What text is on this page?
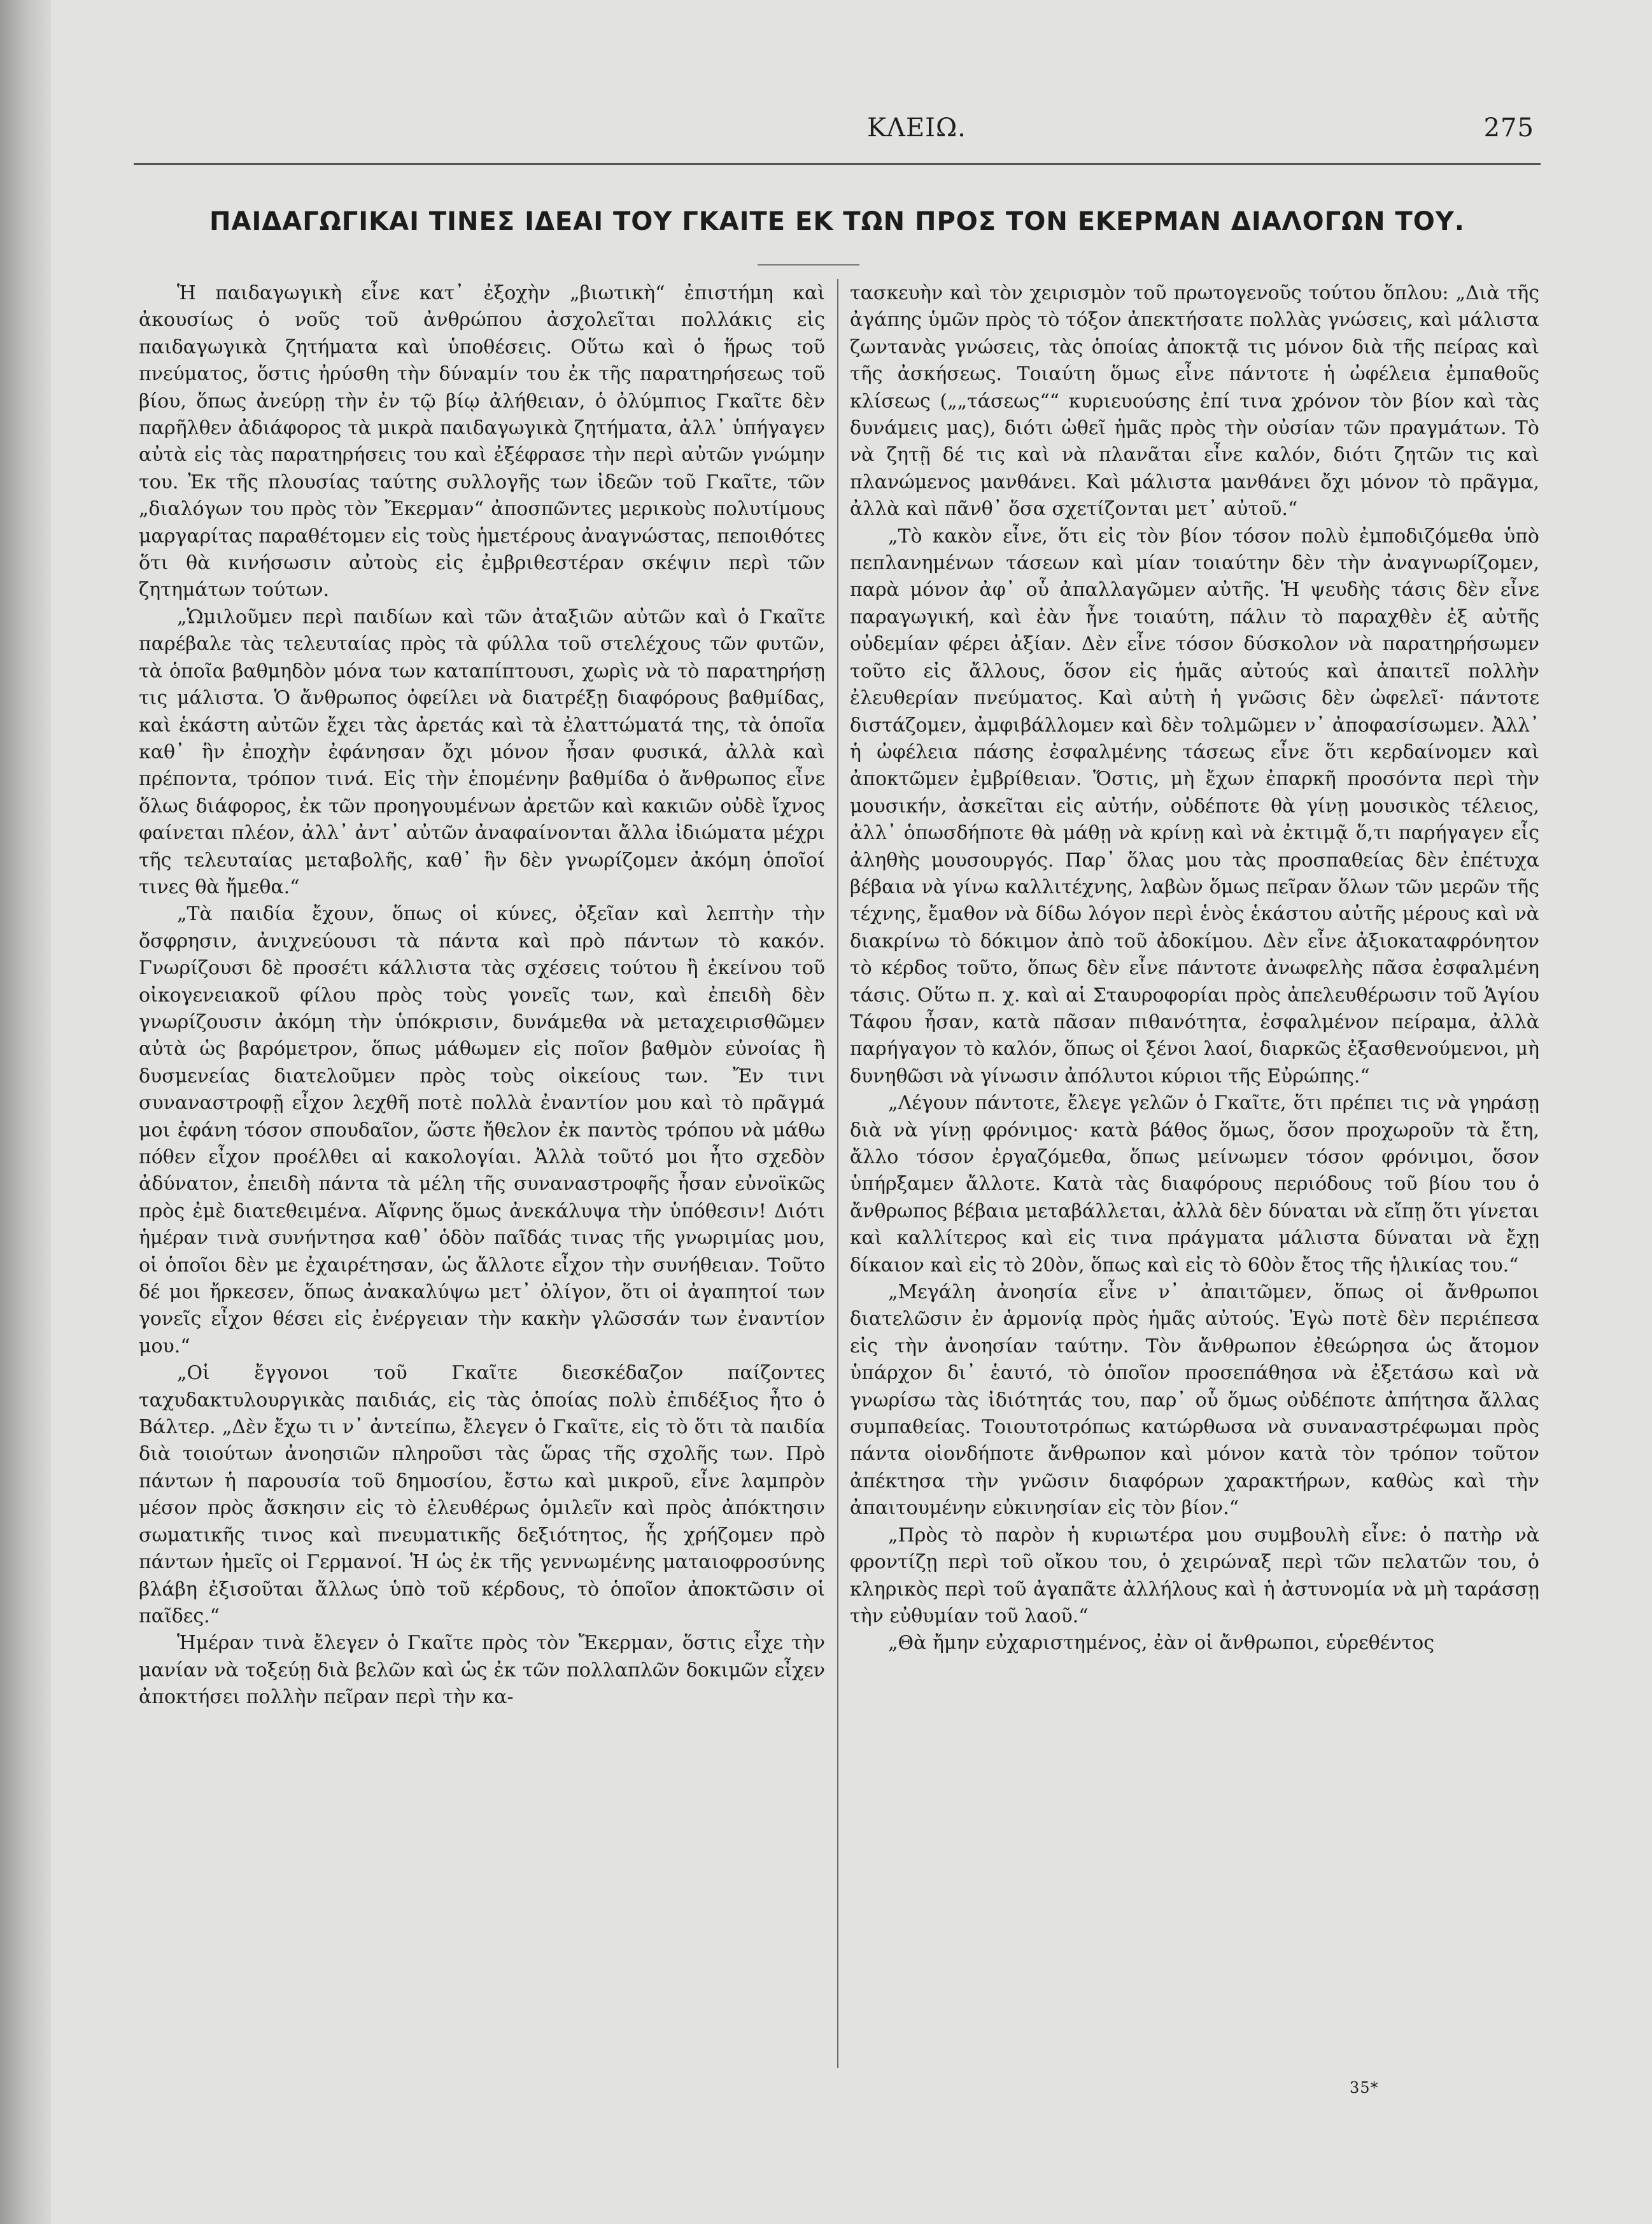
ΚΛΕΙΩ.	275
ΠΑΙΔΑΓΩΓΙΚΑΙ ΤΙΝΕΣ ΙΔΕΑΙ ΤΟΥ ΓΚΑΙΤΕ ΕΚ ΤΩΝ ΠΡΟΣ ΤΟΝ ΕΚΕΡΜΑΝ ΔΙΑΛΟΓΩΝ ΤΟΥ.

Ἡ παιδαγωγικὴ εἶνε κατ᾽ ἐξοχὴν „βιωτικὴ“ ἐπιστήμη καὶ ἀκουσίως ὁ νοῦς τοῦ ἀνθρώπου ἀσχολεῖται πολλάκις εἰς παιδαγωγικὰ ζητήματα καὶ ὑποθέσεις. Οὕτω καὶ ὁ ἥρως τοῦ πνεύματος, ὅστις ἠρύσθη τὴν δύναμίν του ἐκ τῆς παρατηρήσεως τοῦ βίου, ὅπως ἀνεύρῃ τὴν ἐν τῷ βίῳ ἀλήθειαν, ὁ ὀλύμπιος Γκαῖτε δὲν παρῆλθεν ἀδιάφορος τὰ μικρὰ παιδαγωγικὰ ζητήματα, ἀλλ᾽ ὑπήγαγεν αὐτὰ εἰς τὰς παρατηρήσεις του καὶ ἐξέφρασε τὴν περὶ αὐτῶν γνώμην του. Ἐκ τῆς πλουσίας ταύτης συλλογῆς των ἰδεῶν τοῦ Γκαῖτε, τῶν „διαλόγων του πρὸς τὸν Ἔκερμαν“ ἀποσπῶντες μερικοὺς πολυτίμους μαργαρίτας παραθέτομεν εἰς τοὺς ἡμετέρους ἀναγνώστας, πεποιθότες ὅτι θὰ κινήσωσιν αὐτοὺς εἰς ἐμβριθεστέραν σκέψιν περὶ τῶν ζητημάτων τούτων.

„Ὡμιλοῦμεν περὶ παιδίων καὶ τῶν ἀταξιῶν αὐτῶν καὶ ὁ Γκαῖτε παρέβαλε τὰς τελευταίας πρὸς τὰ φύλλα τοῦ στελέχους τῶν φυτῶν, τὰ ὁποῖα βαθμηδὸν μόνα των καταπίπτουσι, χωρὶς νὰ τὸ παρατηρήσῃ τις μάλιστα. Ὁ ἄνθρωπος ὀφείλει νὰ διατρέξῃ διαφόρους βαθμίδας, καὶ ἑκάστη αὐτῶν ἔχει τὰς ἀρετάς καὶ τὰ ἐλαττώματά της, τὰ ὁποῖα καθ᾽ ἣν ἐποχὴν ἐφάνησαν ὄχι μόνον ἦσαν φυσικά, ἀλλὰ καὶ πρέποντα, τρόπον τινά. Εἰς τὴν ἑπομένην βαθμίδα ὁ ἄνθρωπος εἶνε ὅλως διάφορος, ἐκ τῶν προηγουμένων ἀρετῶν καὶ κακιῶν οὐδὲ ἴχνος φαίνεται πλέον, ἀλλ᾽ ἀντ᾽ αὐτῶν ἀναφαίνονται ἄλλα ἰδιώματα μέχρι τῆς τελευταίας μεταβολῆς, καθ᾽ ἣν δὲν γνωρίζομεν ἀκόμη ὁποῖοί τινες θὰ ἤμεθα.“

„Τὰ παιδία ἔχουν, ὅπως οἱ κύνες, ὀξεῖαν καὶ λεπτὴν τὴν ὄσφρησιν, ἀνιχνεύουσι τὰ πάντα καὶ πρὸ πάντων τὸ κακόν. Γνωρίζουσι δὲ προσέτι κάλλιστα τὰς σχέσεις τούτου ἢ ἐκείνου τοῦ οἰκογενειακοῦ φίλου πρὸς τοὺς γονεῖς των, καὶ ἐπειδὴ δὲν γνωρίζουσιν ἀκόμη τὴν ὑπόκρισιν, δυνάμεθα νὰ μεταχειρισθῶμεν αὐτὰ ὡς βαρόμετρον, ὅπως μάθωμεν εἰς ποῖον βαθμὸν εὐνοίας ἢ δυσμενείας διατελοῦμεν πρὸς τοὺς οἰκείους των. Ἔν τινι συναναστροφῇ εἶχον λεχθῆ ποτὲ πολλὰ ἐναντίον μου καὶ τὸ πρᾶγμά μοι ἐφάνη τόσον σπουδαῖον, ὥστε ἤθελον ἐκ παντὸς τρόπου νὰ μάθω πόθεν εἶχον προέλθει αἱ κακολογίαι. Ἀλλὰ τοῦτό μοι ἦτο σχεδὸν ἀδύνατον, ἐπειδὴ πάντα τὰ μέλη τῆς συναναστροφῆς ἦσαν εὐνοϊκῶς πρὸς ἐμὲ διατεθειμένα. Αἴφνης ὅμως ἀνεκάλυψα τὴν ὑπόθεσιν! Διότι ἡμέραν τινὰ συνήντησα καθ᾽ ὁδὸν παῖδάς τινας τῆς γνωριμίας μου, οἱ ὁποῖοι δὲν με ἐχαιρέτησαν, ὡς ἄλλοτε εἶχον τὴν συνήθειαν. Τοῦτο δέ μοι ἤρκεσεν, ὅπως ἀνακαλύψω μετ᾽ ὀλίγον, ὅτι οἱ ἀγαπητοί των γονεῖς εἶχον θέσει εἰς ἐνέργειαν τὴν κακὴν γλῶσσάν των ἐναντίον μου.“

„Οἱ ἔγγονοι τοῦ Γκαῖτε διεσκέδαζον παίζοντες ταχυδακτυλουργικὰς παιδιάς, εἰς τὰς ὁποίας πολὺ ἐπιδέξιος ἦτο ὁ Βάλτερ. „Δὲν ἔχω τι ν᾽ ἀντείπω, ἔλεγεν ὁ Γκαῖτε, εἰς τὸ ὅτι τὰ παιδία διὰ τοιούτων ἀνοησιῶν πληροῦσι τὰς ὥρας τῆς σχολῆς των. Πρὸ πάντων ἡ παρουσία τοῦ δημοσίου, ἔστω καὶ μικροῦ, εἶνε λαμπρὸν μέσον πρὸς ἄσκησιν εἰς τὸ ἐλευθέρως ὁμιλεῖν καὶ πρὸς ἀπόκτησιν σωματικῆς τινος καὶ πνευματικῆς δεξιότητος, ἧς χρήζομεν πρὸ πάντων ἡμεῖς οἱ Γερμανοί. Ἡ ὡς ἐκ τῆς γεννωμένης ματαιοφροσύνης βλάβη ἐξισοῦται ἄλλως ὑπὸ τοῦ κέρδους, τὸ ὁποῖον ἀποκτῶσιν οἱ παῖδες.“

Ἡμέραν τινὰ ἔλεγεν ὁ Γκαῖτε πρὸς τὸν Ἔκερμαν, ὅστις εἶχε τὴν μανίαν νὰ τοξεύῃ διὰ βελῶν καὶ ὡς ἐκ τῶν πολλαπλῶν δοκιμῶν εἶχεν ἀποκτήσει πολλὴν πεῖραν περὶ τὴν κα-

τασκευὴν καὶ τὸν χειρισμὸν τοῦ πρωτογενοῦς τούτου ὅπλου: „Διὰ τῆς ἀγάπης ὑμῶν πρὸς τὸ τόξον ἀπεκτήσατε πολλὰς γνώσεις, καὶ μάλιστα ζωντανὰς γνώσεις, τὰς ὁποίας ἀποκτᾷ τις μόνον διὰ τῆς πείρας καὶ τῆς ἀσκήσεως. Τοιαύτη ὅμως εἶνε πάντοτε ἡ ὠφέλεια ἐμπαθοῦς κλίσεως („„τάσεως““ κυριευούσης ἐπί τινα χρόνον τὸν βίον καὶ τὰς δυνάμεις μας), διότι ὠθεῖ ἡμᾶς πρὸς τὴν οὐσίαν τῶν πραγμάτων. Τὸ νὰ ζητῇ δέ τις καὶ νὰ πλανᾶται εἶνε καλόν, διότι ζητῶν τις καὶ πλανώμενος μανθάνει. Καὶ μάλιστα μανθάνει ὄχι μόνον τὸ πρᾶγμα, ἀλλὰ καὶ πᾶνθ᾽ ὅσα σχετίζονται μετ᾽ αὐτοῦ.“

„Τὸ κακὸν εἶνε, ὅτι εἰς τὸν βίον τόσον πολὺ ἐμποδιζόμεθα ὑπὸ πεπλανημένων τάσεων καὶ μίαν τοιαύτην δὲν τὴν ἀναγνωρίζομεν, παρὰ μόνον ἀφ᾽ οὗ ἀπαλλαγῶμεν αὐτῆς. Ἡ ψευδὴς τάσις δὲν εἶνε παραγωγική, καὶ ἐὰν ἦνε τοιαύτη, πάλιν τὸ παραχθὲν ἐξ αὐτῆς οὐδεμίαν φέρει ἀξίαν. Δὲν εἶνε τόσον δύσκολον νὰ παρατηρήσωμεν τοῦτο εἰς ἄλλους, ὅσον εἰς ἡμᾶς αὐτούς καὶ ἀπαιτεῖ πολλὴν ἐλευθερίαν πνεύματος. Καὶ αὐτὴ ἡ γνῶσις δὲν ὠφελεῖ· πάντοτε διστάζομεν, ἀμφιβάλλομεν καὶ δὲν τολμῶμεν ν᾽ ἀποφασίσωμεν. Ἀλλ᾽ ἡ ὠφέλεια πάσης ἐσφαλμένης τάσεως εἶνε ὅτι κερδαίνομεν καὶ ἀποκτῶμεν ἐμβρίθειαν. Ὅστις, μὴ ἔχων ἐπαρκῆ προσόντα περὶ τὴν μουσικήν, ἀσκεῖται εἰς αὐτήν, οὐδέποτε θὰ γίνῃ μουσικὸς τέλειος, ἀλλ᾽ ὁπωσδήποτε θὰ μάθῃ νὰ κρίνῃ καὶ νὰ ἐκτιμᾷ ὅ,τι παρήγαγεν εἷς ἀληθὴς μουσουργός. Παρ᾽ ὅλας μου τὰς προσπαθείας δὲν ἐπέτυχα βέβαια νὰ γίνω καλλιτέχνης, λαβὼν ὅμως πεῖραν ὅλων τῶν μερῶν τῆς τέχνης, ἔμαθον νὰ δίδω λόγον περὶ ἑνὸς ἑκάστου αὐτῆς μέρους καὶ νὰ διακρίνω τὸ δόκιμον ἀπὸ τοῦ ἀδοκίμου. Δὲν εἶνε ἀξιοκαταφρόνητον τὸ κέρδος τοῦτο, ὅπως δὲν εἶνε πάντοτε ἀνωφελὴς πᾶσα ἐσφαλμένη τάσις. Οὕτω π. χ. καὶ αἱ Σταυροφορίαι πρὸς ἀπελευθέρωσιν τοῦ Ἁγίου Τάφου ἦσαν, κατὰ πᾶσαν πιθανότητα, ἐσφαλμένον πείραμα, ἀλλὰ παρήγαγον τὸ καλόν, ὅπως οἱ ξένοι λαοί, διαρκῶς ἐξασθενούμενοι, μὴ δυνηθῶσι νὰ γίνωσιν ἀπόλυτοι κύριοι τῆς Εὐρώπης.“

„Λέγουν πάντοτε, ἔλεγε γελῶν ὁ Γκαῖτε, ὅτι πρέπει τις νὰ γηράσῃ διὰ νὰ γίνῃ φρόνιμος· κατὰ βάθος ὅμως, ὅσον προχωροῦν τὰ ἔτη, ἄλλο τόσον ἐργαζόμεθα, ὅπως μείνωμεν τόσον φρόνιμοι, ὅσον ὑπήρξαμεν ἄλλοτε. Κατὰ τὰς διαφόρους περιόδους τοῦ βίου του ὁ ἄνθρωπος βέβαια μεταβάλλεται, ἀλλὰ δὲν δύναται νὰ εἴπῃ ὅτι γίνεται καὶ καλλίτερος καὶ εἰς τινα πράγματα μάλιστα δύναται νὰ ἔχῃ δίκαιον καὶ εἰς τὸ 20ὸν, ὅπως καὶ εἰς τὸ 60ὸν ἔτος τῆς ἡλικίας του.“

„Μεγάλη ἀνοησία εἶνε ν᾽ ἀπαιτῶμεν, ὅπως οἱ ἄνθρωποι διατελῶσιν ἐν ἁρμονίᾳ πρὸς ἡμᾶς αὐτούς. Ἐγὼ ποτὲ δὲν περιέπεσα εἰς τὴν ἀνοησίαν ταύτην. Τὸν ἄνθρωπον ἐθεώρησα ὡς ἄτομον ὑπάρχον δι᾽ ἑαυτό, τὸ ὁποῖον προσεπάθησα νὰ ἐξετάσω καὶ νὰ γνωρίσω τὰς ἰδιότητάς του, παρ᾽ οὗ ὅμως οὐδέποτε ἀπήτησα ἄλλας συμπαθείας. Τοιουτοτρόπως κατώρθωσα νὰ συναναστρέφωμαι πρὸς πάντα οἱονδήποτε ἄνθρωπον καὶ μόνον κατὰ τὸν τρόπον τοῦτον ἀπέκτησα τὴν γνῶσιν διαφόρων χαρακτήρων, καθὼς καὶ τὴν ἀπαιτουμένην εὐκινησίαν εἰς τὸν βίον.“

„Πρὸς τὸ παρὸν ἡ κυριωτέρα μου συμβουλὴ εἶνε: ὁ πατὴρ νὰ φροντίζῃ περὶ τοῦ οἴκου του, ὁ χειρώναξ περὶ τῶν πελατῶν του, ὁ κληρικὸς περὶ τοῦ ἀγαπᾶτε ἀλλήλους καὶ ἡ ἀστυνομία νὰ μὴ ταράσσῃ τὴν εὐθυμίαν τοῦ λαοῦ.“

„Θὰ ἤμην εὐχαριστημένος, ἐὰν οἱ ἄνθρωποι, εὑρεθέντος

35*
